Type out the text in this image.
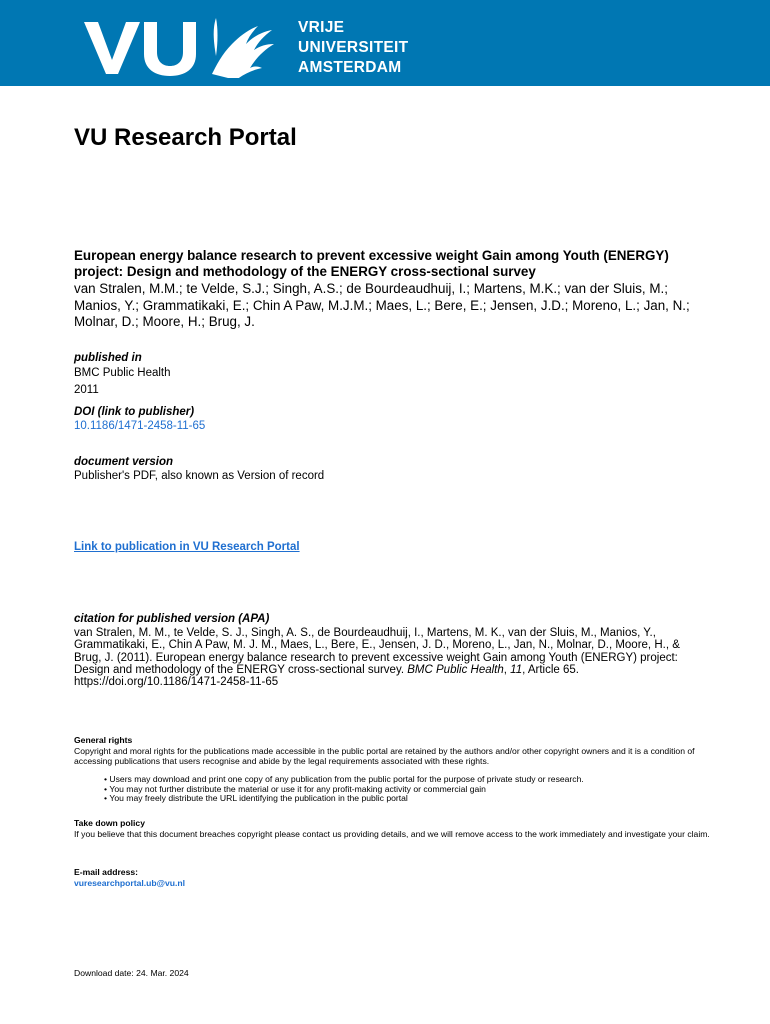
VRIJE
UNIVERSITEIT
AMSTERDAM
VU Research Portal

European energy balance research to prevent excessive weight Gain among Youth (ENERGY) project: Design and methodology of the ENERGY cross-sectional survey

van Stralen, M.M.; te Velde, S.J.; Singh, A.S.; de Bourdeaudhuij, I.; Martens, M.K.; van der Sluis, M.; Manios, Y.; Grammatikaki, E.; Chin A Paw, M.J.M.; Maes, L.; Bere, E.; Jensen, J.D.; Moreno, L.; Jan, N.; Molnar, D.; Moore, H.; Brug, J.

published in
BMC Public Health
2011
DOI (link to publisher)
10.1186/1471-2458-11-65
document version
Publisher's PDF, also known as Version of record
Link to publication in VU Research Portal
citation for published version (APA)

van Stralen, M. M., te Velde, S. J., Singh, A. S., de Bourdeaudhuij, I., Martens, M. K., van der Sluis, M., Manios, Y., Grammatikaki, E., Chin A Paw, M. J. M., Maes, L., Bere, E., Jensen, J. D., Moreno, L., Jan, N., Molnar, D., Moore, H., & Brug, J. (2011). European energy balance research to prevent excessive weight Gain among Youth (ENERGY) project: Design and methodology of the ENERGY cross-sectional survey. BMC Public Health, 11, Article 65. https://doi.org/10.1186/1471-2458-11-65

General rights

Copyright and moral rights for the publications made accessible in the public portal are retained by the authors and/or other copyright owners and it is a condition of accessing publications that users recognise and abide by the legal requirements associated with these rights.

• Users may download and print one copy of any publication from the public portal for the purpose of private study or research.
• You may not further distribute the material or use it for any profit-making activity or commercial gain
• You may freely distribute the URL identifying the publication in the public portal
Take down policy

If you believe that this document breaches copyright please contact us providing details, and we will remove access to the work immediately and investigate your claim.

E-mail address:
vuresearchportal.ub@vu.nl
Download date: 24. Mar. 2024
